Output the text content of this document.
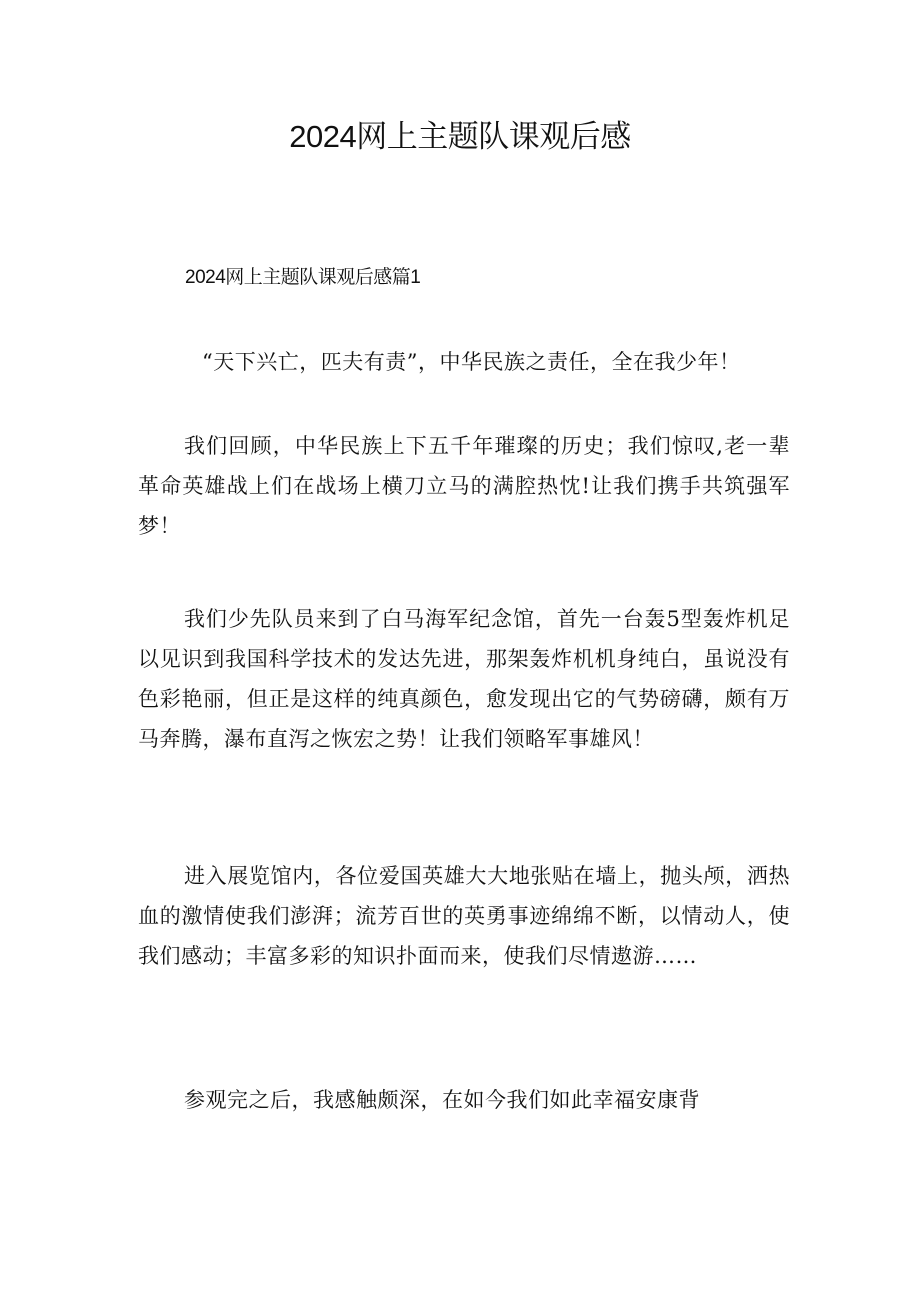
2024网上主题队课观后感
2024网上主题队课观后感篇1
“天下兴亡，匹夫有责”，中华民族之责任，全在我少年！
我们回顾，中华民族上下五千年璀璨的历史；我们惊叹,老一辈革命英雄战上们在战场上横刀立马的满腔热忱!让我们携手共筑强军梦！
我们少先队员来到了白马海军纪念馆，首先一台轰5型轰炸机足以见识到我国科学技术的发达先进，那架轰炸机机身纯白，虽说没有色彩艳丽，但正是这样的纯真颜色，愈发现出它的气势磅礴，颇有万马奔腾，瀑布直泻之恢宏之势！让我们领略军事雄风！
进入展览馆内，各位爱国英雄大大地张贴在墙上，抛头颅，洒热血的激情使我们澎湃；流芳百世的英勇事迹绵绵不断，以情动人，使我们感动；丰富多彩的知识扑面而来，使我们尽情遨游……
参观完之后，我感触颇深，在如今我们如此幸福安康背
